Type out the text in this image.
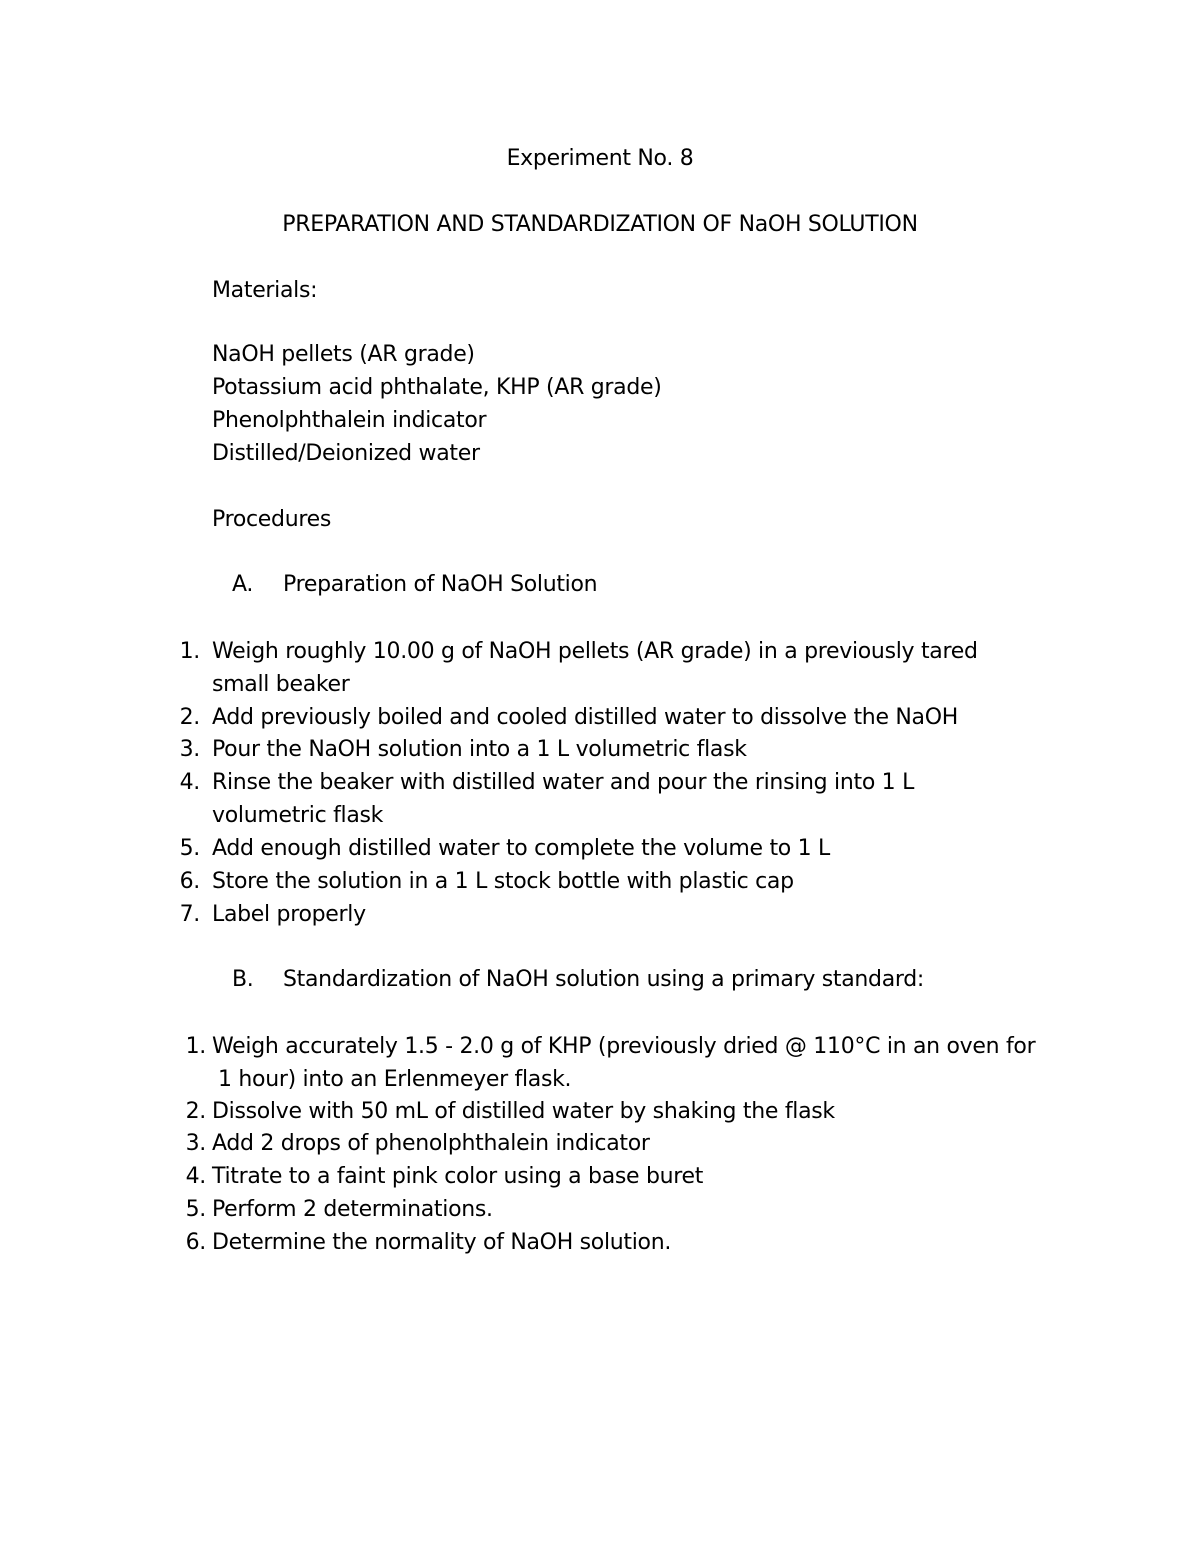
Experiment No. 8
PREPARATION AND STANDARDIZATION OF NaOH SOLUTION
Materials:
NaOH pellets (AR grade)
Potassium acid phthalate, KHP (AR grade)
Phenolphthalein indicator
Distilled/Deionized water
Procedures
A.	Preparation of NaOH Solution
1. Weigh roughly 10.00 g of NaOH pellets (AR grade) in a previously tared
small beaker
2. Add previously boiled and cooled distilled water to dissolve the NaOH
3. Pour the NaOH solution into a 1 L volumetric flask
4. Rinse the beaker with distilled water and pour the rinsing into 1 L
volumetric flask
5. Add enough distilled water to complete the volume to 1 L
6. Store the solution in a 1 L stock bottle with plastic cap
7. Label properly
B.	Standardization of NaOH solution using a primary standard:
1. Weigh accurately 1.5 - 2.0 g of KHP (previously dried @ 110°C in an oven for
1 hour) into an Erlenmeyer flask.
2. Dissolve with 50 mL of distilled water by shaking the flask
3. Add 2 drops of phenolphthalein indicator
4. Titrate to a faint pink color using a base buret
5. Perform 2 determinations.
6. Determine the normality of NaOH solution.
